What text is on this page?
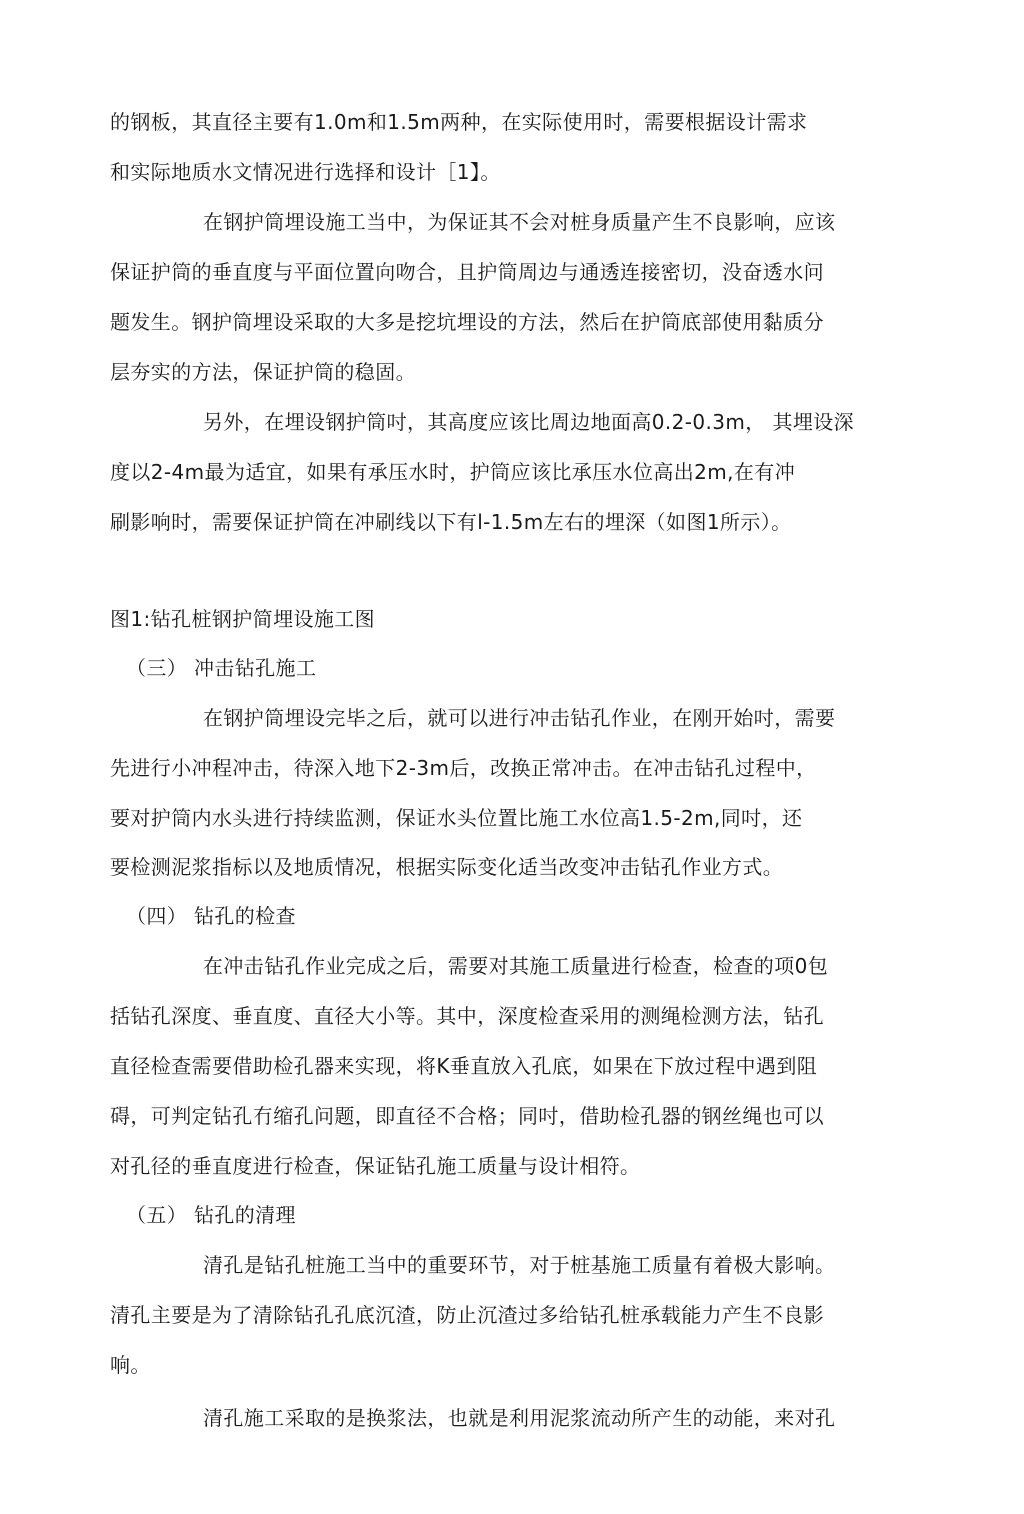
的钢板，其直径主要有1.0m和1.5m两种，在实际使用时，需要根据设计需求

和实际地质水文情况进行选择和设计［1】。

在钢护筒埋设施工当中，为保证其不会对桩身质量产生不良影响，应该

保证护筒的垂直度与平面位置向吻合，且护筒周边与通透连接密切，没奋透水问

题发生。钢护筒埋设采取的大多是挖坑埋设的方法，然后在护筒底部使用黏质分

层夯实的方法，保证护筒的稳固。

另外，在埋设钢护筒吋，其高度应该比周边地面高0.2-0.3m， 其埋设深

度以2-4m最为适宜，如果有承压水时，护筒应该比承压水位高出2m,在有冲

刷影响时，需要保证护筒在冲刷线以下有l-1.5m左右的埋深（如图1所示）。

图1:钻孔桩钢护简埋设施工图

（三） 冲击钻孔施工

在钢护筒埋设完毕之后，就可以进行冲击钻孔作业，在刚开始吋，需要

先进行小冲程冲击，待深入地下2-3m后，改换正常冲击。在冲击钻孔过程中，

要对护筒内水头进行持续监测，保证水头位置比施工水位高1.5-2m,同吋，还

要检测泥浆指标以及地质情况，根据实际变化适当改变冲击钻孔作业方式。

（四） 钻孔的检查

在冲击钻孔作业完成之后，需要对其施工质量进行检查，检查的项0包

括钻孔深度、垂直度、直径大小等。其中，深度检查采用的测绳检测方法，钻孔

直径检查需要借助检孔器来实现，将K垂直放入孔底，如果在下放过程中遇到阻

碍，可判定钻孔冇缩孔问题，即直径不合格；同吋，借助检孔器的钢丝绳也可以

对孔径的垂直度进行检查，保证钻孔施工质量与设计相符。

（五） 钻孔的清理

清孔是钻孔桩施工当中的重要环节，对于桩基施工质量有着极大影响。

清孔主要是为了清除钻孔孔底沉渣，防止沉渣过多给钻孔桩承载能力产生不良影

响。

清孔施工采取的是换浆法，也就是利用泥浆流动所产生的动能，来对孔
